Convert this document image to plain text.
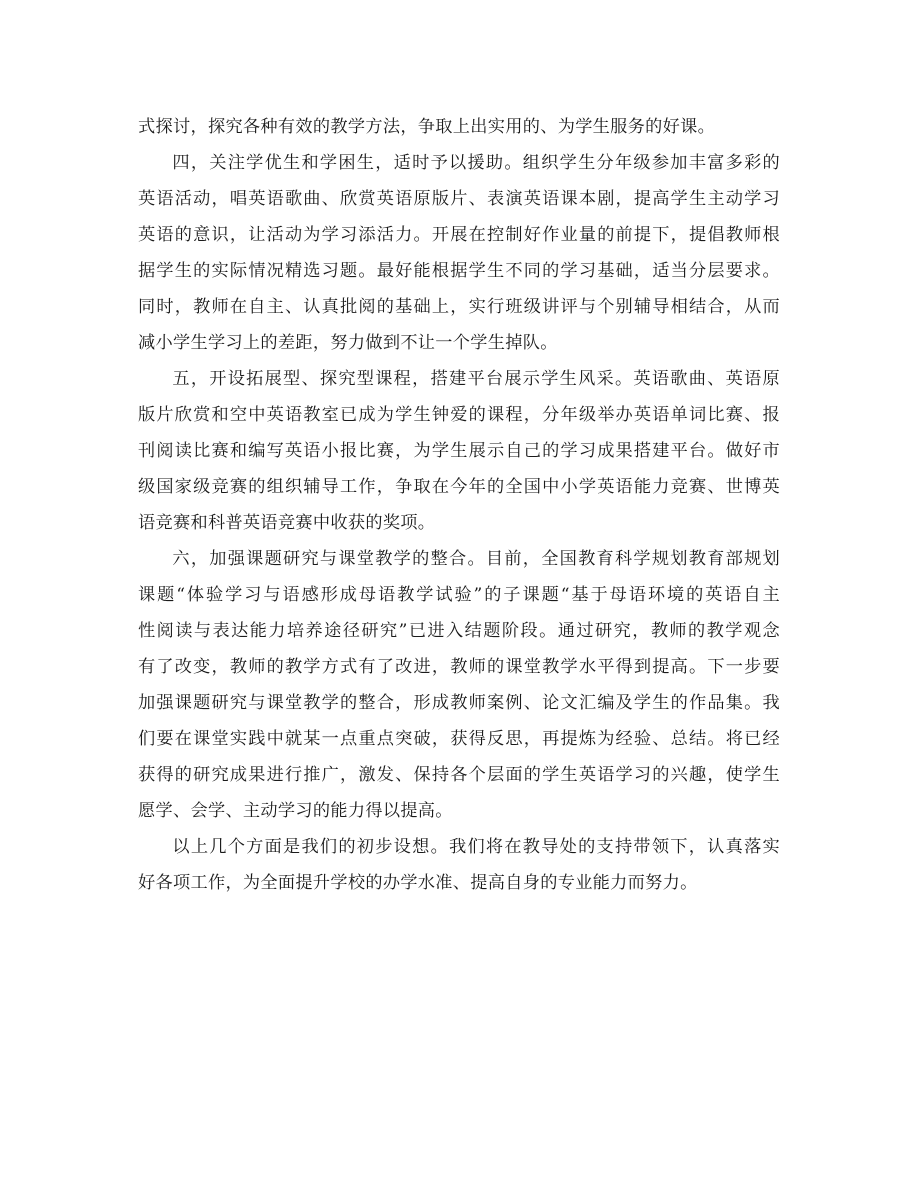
式探讨，探究各种有效的教学方法，争取上出实用的、为学生服务的好课。

四，关注学优生和学困生，适时予以援助。组织学生分年级参加丰富多彩的
英语活动，唱英语歌曲、欣赏英语原版片、表演英语课本剧，提高学生主动学习
英语的意识，让活动为学习添活力。开展在控制好作业量的前提下，提倡教师根
据学生的实际情况精选习题。最好能根据学生不同的学习基础，适当分层要求。
同时，教师在自主、认真批阅的基础上，实行班级讲评与个别辅导相结合，从而
减小学生学习上的差距，努力做到不让一个学生掉队。

五，开设拓展型、探究型课程，搭建平台展示学生风采。英语歌曲、英语原
版片欣赏和空中英语教室已成为学生钟爱的课程，分年级举办英语单词比赛、报
刊阅读比赛和编写英语小报比赛，为学生展示自己的学习成果搭建平台。做好市
级国家级竞赛的组织辅导工作，争取在今年的全国中小学英语能力竞赛、世博英
语竞赛和科普英语竞赛中收获的奖项。

六，加强课题研究与课堂教学的整合。目前，全国教育科学规划教育部规划
课题“体验学习与语感形成母语教学试验”的子课题“基于母语环境的英语自主
性阅读与表达能力培养途径研究”已进入结题阶段。通过研究，教师的教学观念
有了改变，教师的教学方式有了改进，教师的课堂教学水平得到提高。下一步要
加强课题研究与课堂教学的整合，形成教师案例、论文汇编及学生的作品集。我
们要在课堂实践中就某一点重点突破，获得反思，再提炼为经验、总结。将已经
获得的研究成果进行推广，激发、保持各个层面的学生英语学习的兴趣，使学生
愿学、会学、主动学习的能力得以提高。

以上几个方面是我们的初步设想。我们将在教导处的支持带领下，认真落实
好各项工作，为全面提升学校的办学水准、提高自身的专业能力而努力。
